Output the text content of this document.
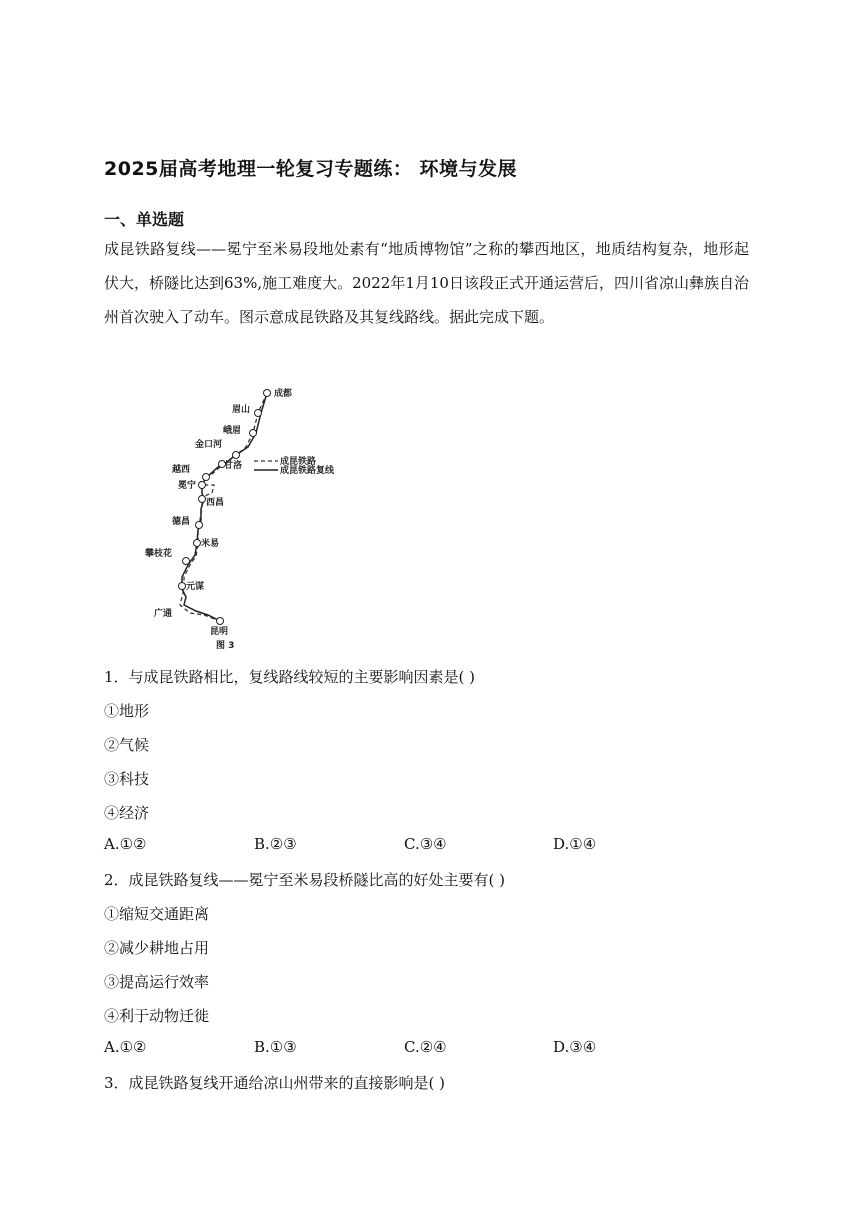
2025届高考地理一轮复习专题练： 环境与发展
一、单选题
成昆铁路复线——冕宁至米易段地处素有“地质博物馆”之称的攀西地区，地质结构复杂，地形起伏大，桥隧比达到63%,施工难度大。2022年1月10日该段正式开通运营后，四川省凉山彝族自治州首次驶入了动车。图示意成昆铁路及其复线路线。据此完成下题。
成都
眉山
峨眉
金口河
甘洛
越西
冕宁
西昌
德昌
米易
攀枝花
元谋
广通
昆明
图 3
成昆铁路
成昆铁路复线
1．与成昆铁路相比，复线路线较短的主要影响因素是( )
①地形
②气候
③科技
④经济
A.①②	B.②③	C.③④	D.①④
2．成昆铁路复线——冕宁至米易段桥隧比高的好处主要有( )
①缩短交通距离
②减少耕地占用
③提高运行效率
④利于动物迁徙
A.①②	B.①③	C.②④	D.③④
3．成昆铁路复线开通给凉山州带来的直接影响是( )
